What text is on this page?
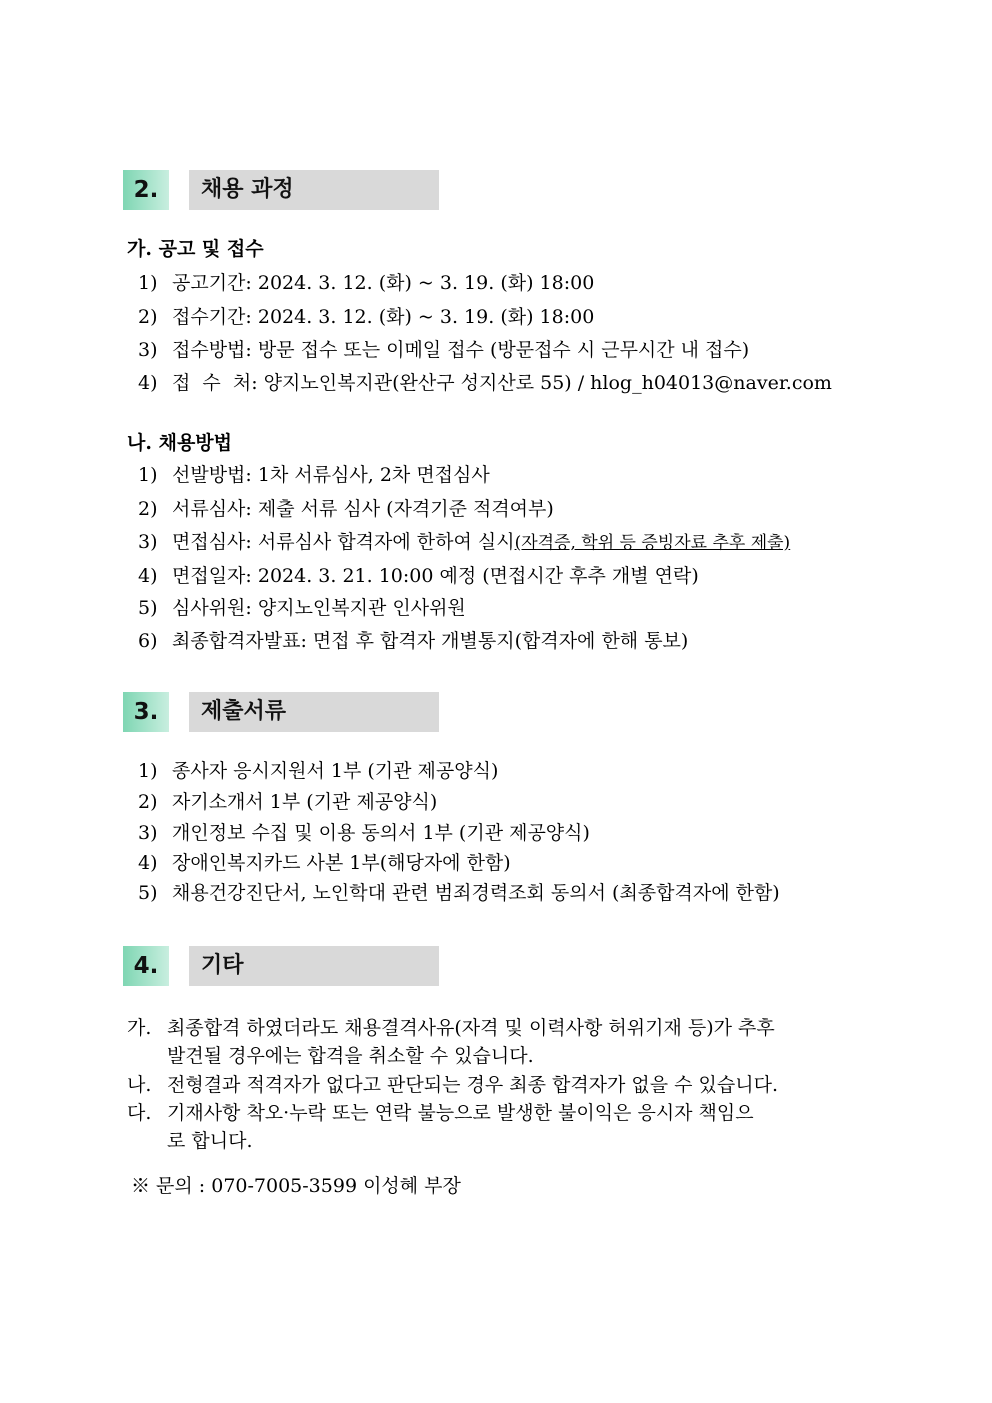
2.	채용 과정
가. 공고 및 접수
1) 공고기간: 2024. 3. 12. (화) ~ 3. 19. (화) 18:00
2) 접수기간: 2024. 3. 12. (화) ~ 3. 19. (화) 18:00
3) 접수방법: 방문 접수 또는 이메일 접수 (방문접수 시 근무시간 내 접수)
4) 접  수  처: 양지노인복지관(완산구 성지산로 55) / hlog_h04013@naver.com
나. 채용방법
1) 선발방법: 1차 서류심사, 2차 면접심사
2) 서류심사: 제출 서류 심사 (자격기준 적격여부)
3) 면접심사: 서류심사 합격자에 한하여 실시(자격증, 학위 등 증빙자료 추후 제출)
4) 면접일자: 2024. 3. 21. 10:00 예정 (면접시간 후추 개별 연락)
5) 심사위원: 양지노인복지관 인사위원
6) 최종합격자발표: 면접 후 합격자 개별통지(합격자에 한해 통보)
3.	제출서류
1) 종사자 응시지원서 1부 (기관 제공양식)
2) 자기소개서 1부 (기관 제공양식)
3) 개인정보 수집 및 이용 동의서 1부 (기관 제공양식)
4) 장애인복지카드 사본 1부(해당자에 한함)
5) 채용건강진단서, 노인학대 관련 범죄경력조회 동의서 (최종합격자에 한함)
4.	기타
가. 최종합격 하였더라도 채용결격사유(자격 및 이력사항 허위기재 등)가 추후
발견될 경우에는 합격을 취소할 수 있습니다.
나. 전형결과 적격자가 없다고 판단되는 경우 최종 합격자가 없을 수 있습니다.
다. 기재사항 착오·누락 또는 연락 불능으로 발생한 불이익은 응시자 책임으
로 합니다.
※ 문의 : 070-7005-3599 이성혜 부장
